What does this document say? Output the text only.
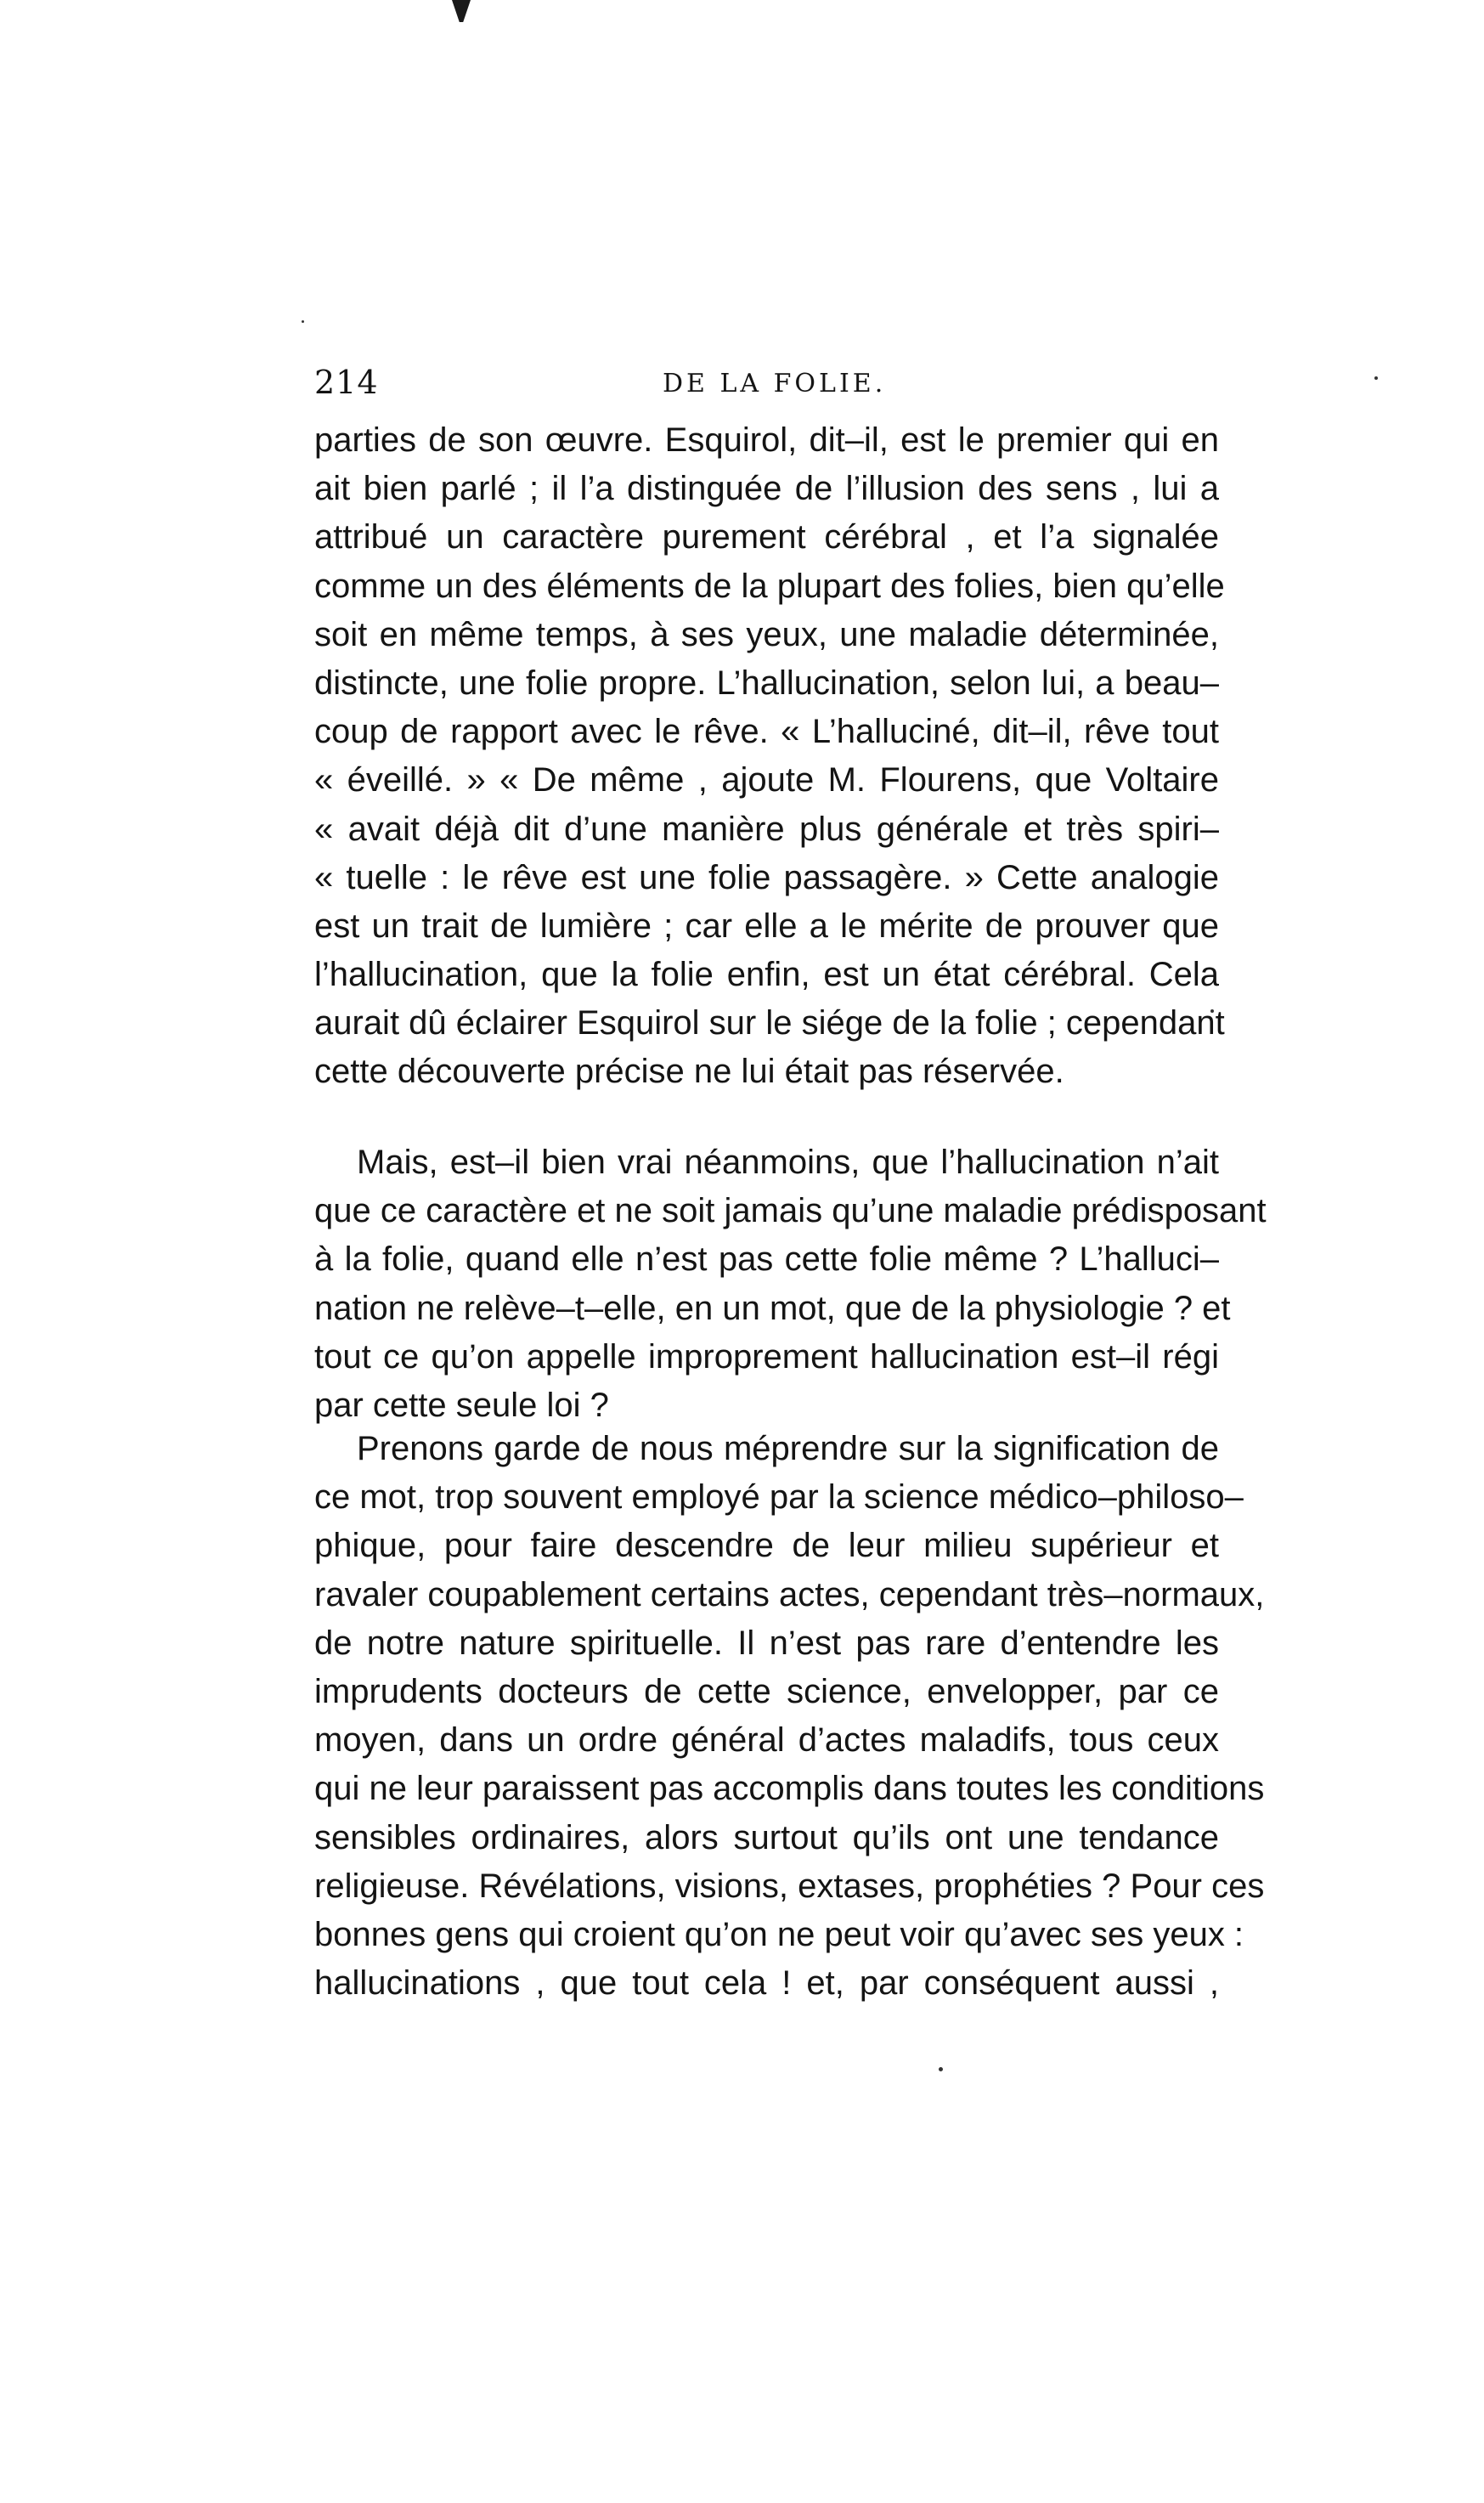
214	DE LA FOLIE.
parties de son œuvre. Esquirol, dit–il, est le premier qui en
ait bien parlé ; il l’a distinguée de l’illusion des sens , lui a
attribué un caractère purement cérébral , et l’a signalée
comme un des éléments de la plupart des folies, bien qu’elle
soit en même temps, à ses yeux, une maladie déterminée,
distincte, une folie propre. L’hallucination, selon lui, a beau–
coup de rapport avec le rêve. « L’halluciné, dit–il, rêve tout
« éveillé. » « De même , ajoute M. Flourens, que Voltaire
« avait déjà dit d’une manière plus générale et très spiri–
« tuelle : le rêve est une folie passagère. » Cette analogie
est un trait de lumière ; car elle a le mérite de prouver que
l’hallucination, que la folie enfin, est un état cérébral. Cela
aurait dû éclairer Esquirol sur le siége de la folie ; cependant
cette découverte précise ne lui était pas réservée.
Mais, est–il bien vrai néanmoins, que l’hallucination n’ait
que ce caractère et ne soit jamais qu’une maladie prédisposant
à la folie, quand elle n’est pas cette folie même ? L’halluci–
nation ne relève–t–elle, en un mot, que de la physiologie ? et
tout ce qu’on appelle improprement hallucination est–il régi
par cette seule loi ?
Prenons garde de nous méprendre sur la signification de
ce mot, trop souvent employé par la science médico–philoso–
phique, pour faire descendre de leur milieu supérieur et
ravaler coupablement certains actes, cependant très–normaux,
de notre nature spirituelle. Il n’est pas rare d’entendre les
imprudents docteurs de cette science, envelopper, par ce
moyen, dans un ordre général d’actes maladifs, tous ceux
qui ne leur paraissent pas accomplis dans toutes les conditions
sensibles ordinaires, alors surtout qu’ils ont une tendance
religieuse. Révélations, visions, extases, prophéties ? Pour ces
bonnes gens qui croient qu’on ne peut voir qu’avec ses yeux :
hallucinations , que tout cela ! et, par conséquent aussi ,
